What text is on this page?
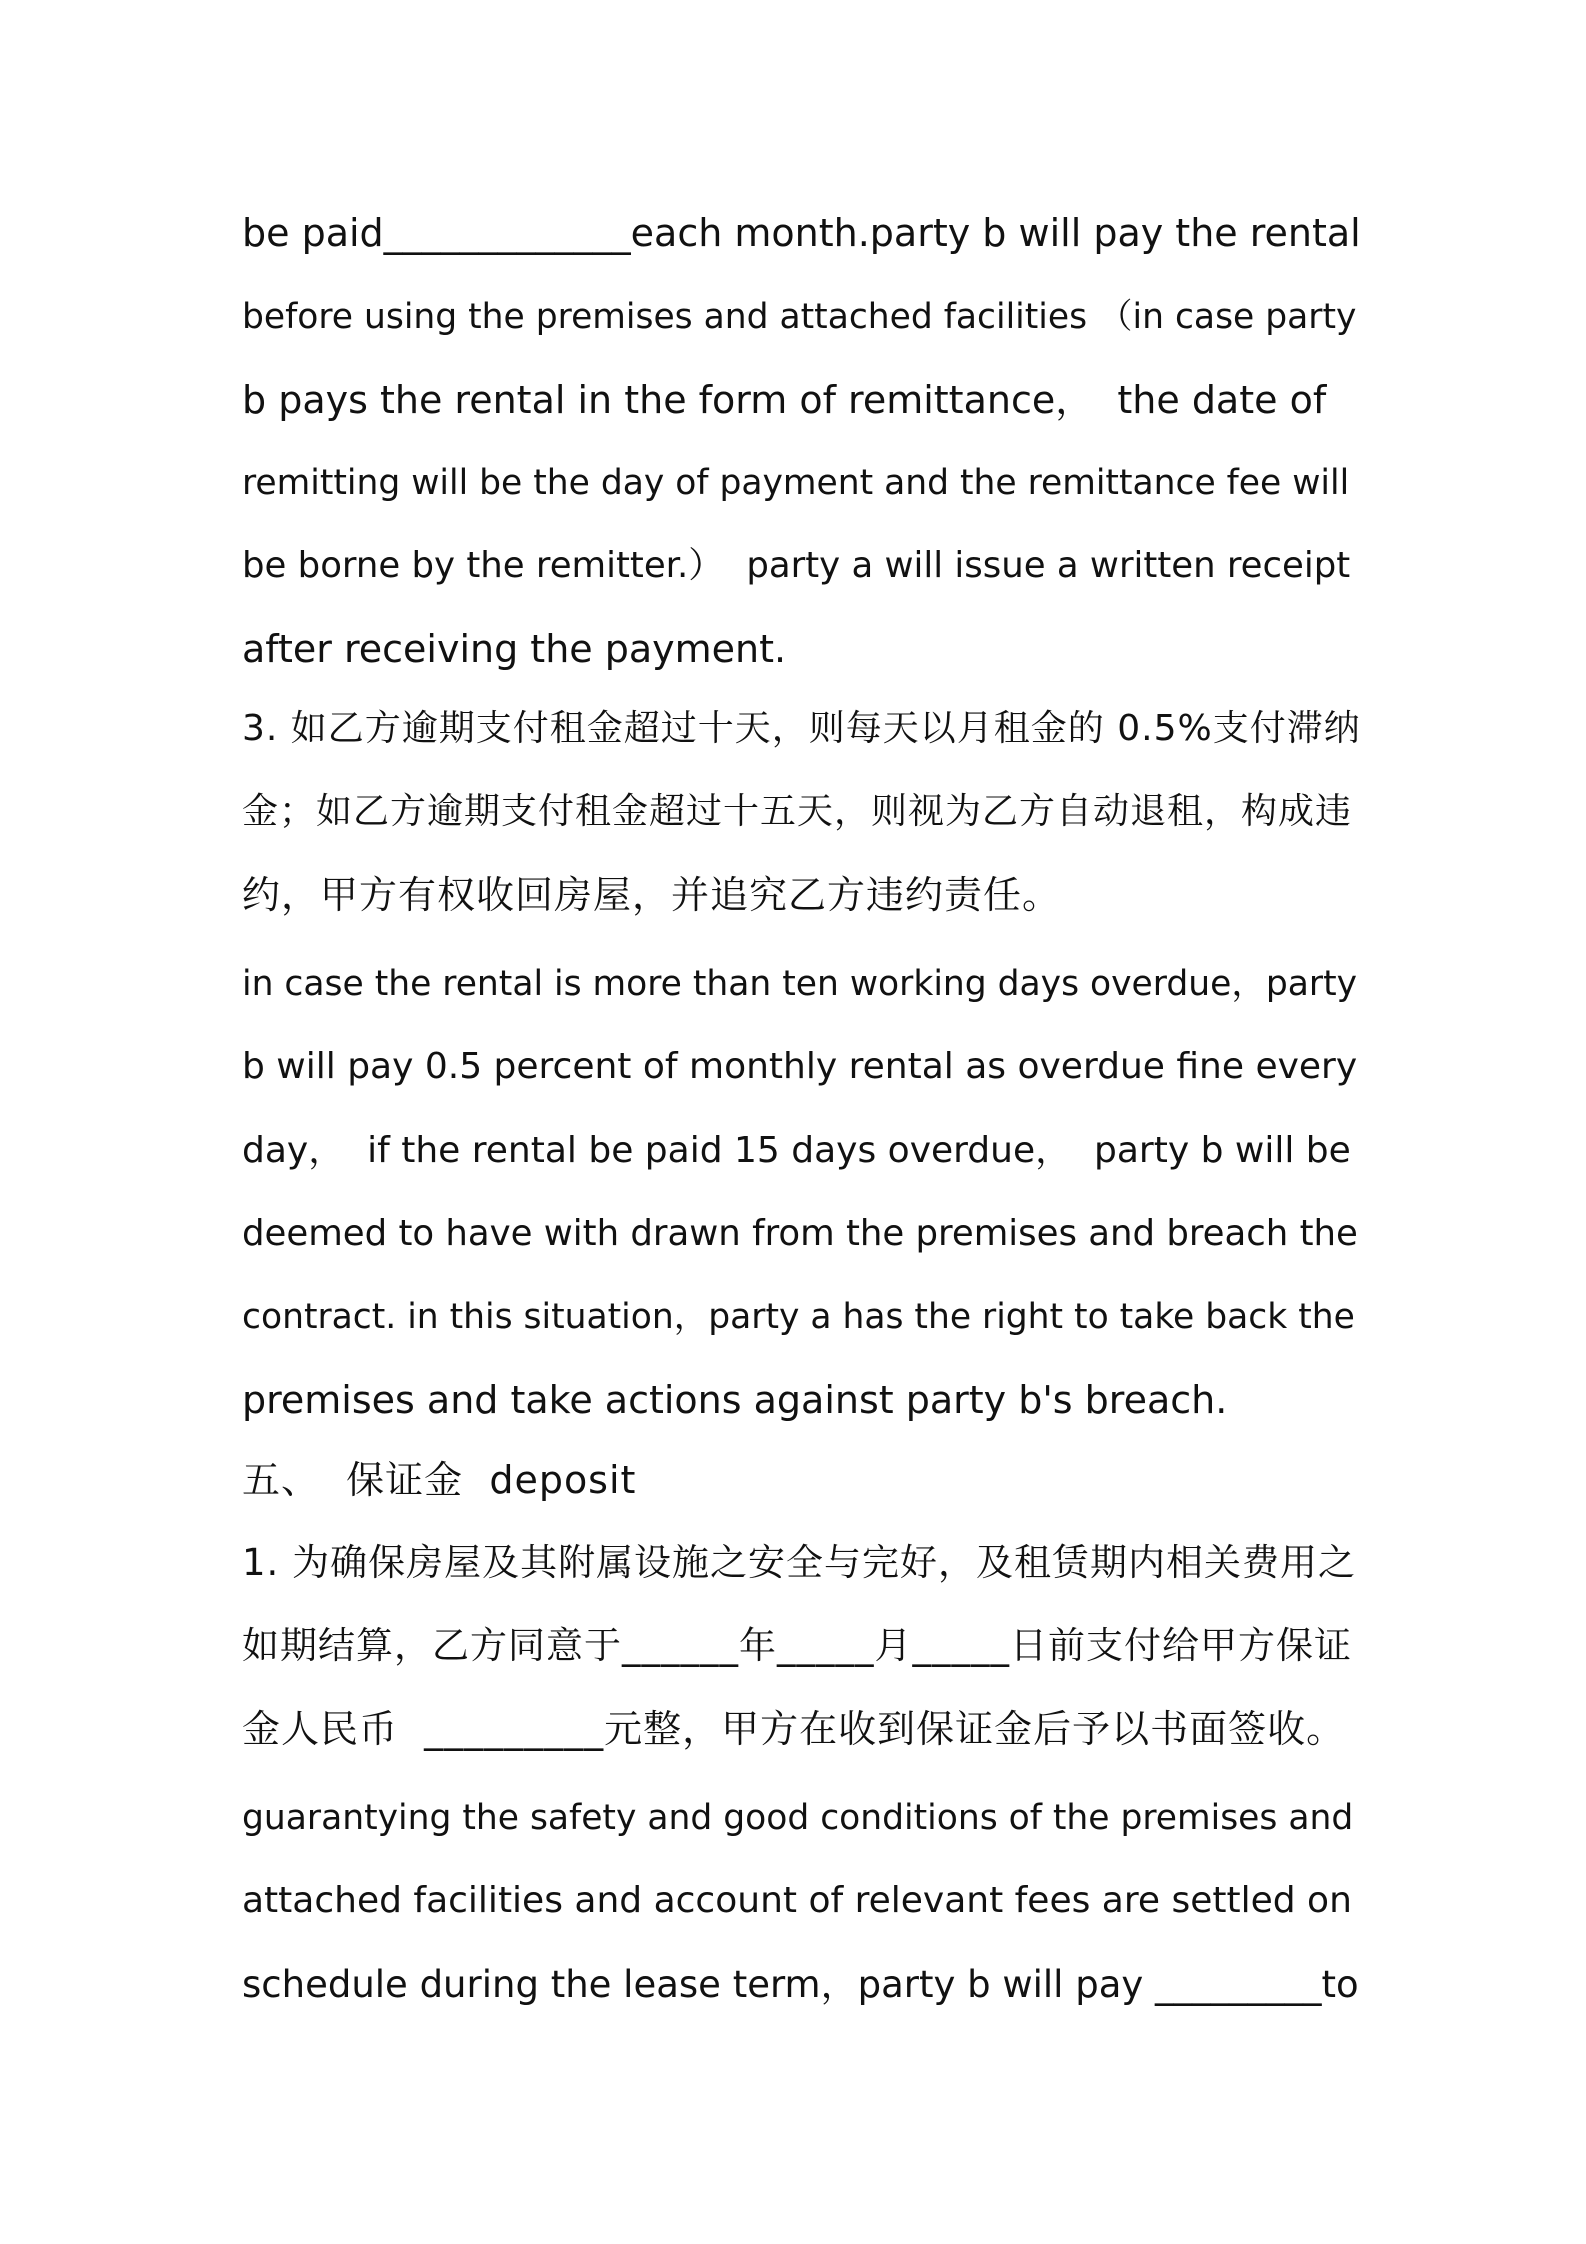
be paid_____________each month.party b will pay the rental
before using the premises and attached facilities （in case party
b pays the rental in the form of remittance，  the date of
remitting will be the day of payment and the remittance fee will
be borne by the remitter.）  party a will issue a written receipt
after receiving the payment.
3. 如乙方逾期支付租金超过十天，则每天以月租金的 0.5%支付滞纳
金；如乙方逾期支付租金超过十五天，则视为乙方自动退租，构成违
约，甲方有权收回房屋，并追究乙方违约责任。
in case the rental is more than ten working days overdue，party
b will pay 0.5 percent of monthly rental as overdue fine every
day，  if the rental be paid 15 days overdue，  party b will be
deemed to have with drawn from the premises and breach the
contract. in this situation，party a has the right to take back the
premises and take actions against party b's breach.
五、  保证金  deposit
1. 为确保房屋及其附属设施之安全与完好，及租赁期内相关费用之
如期结算，乙方同意于______年_____月_____日前支付给甲方保证
金人民币  _________元整，甲方在收到保证金后予以书面签收。
guarantying the safety and good conditions of the premises and
attached facilities and account of relevant fees are settled on
schedule during the lease term，party b will pay _________to
